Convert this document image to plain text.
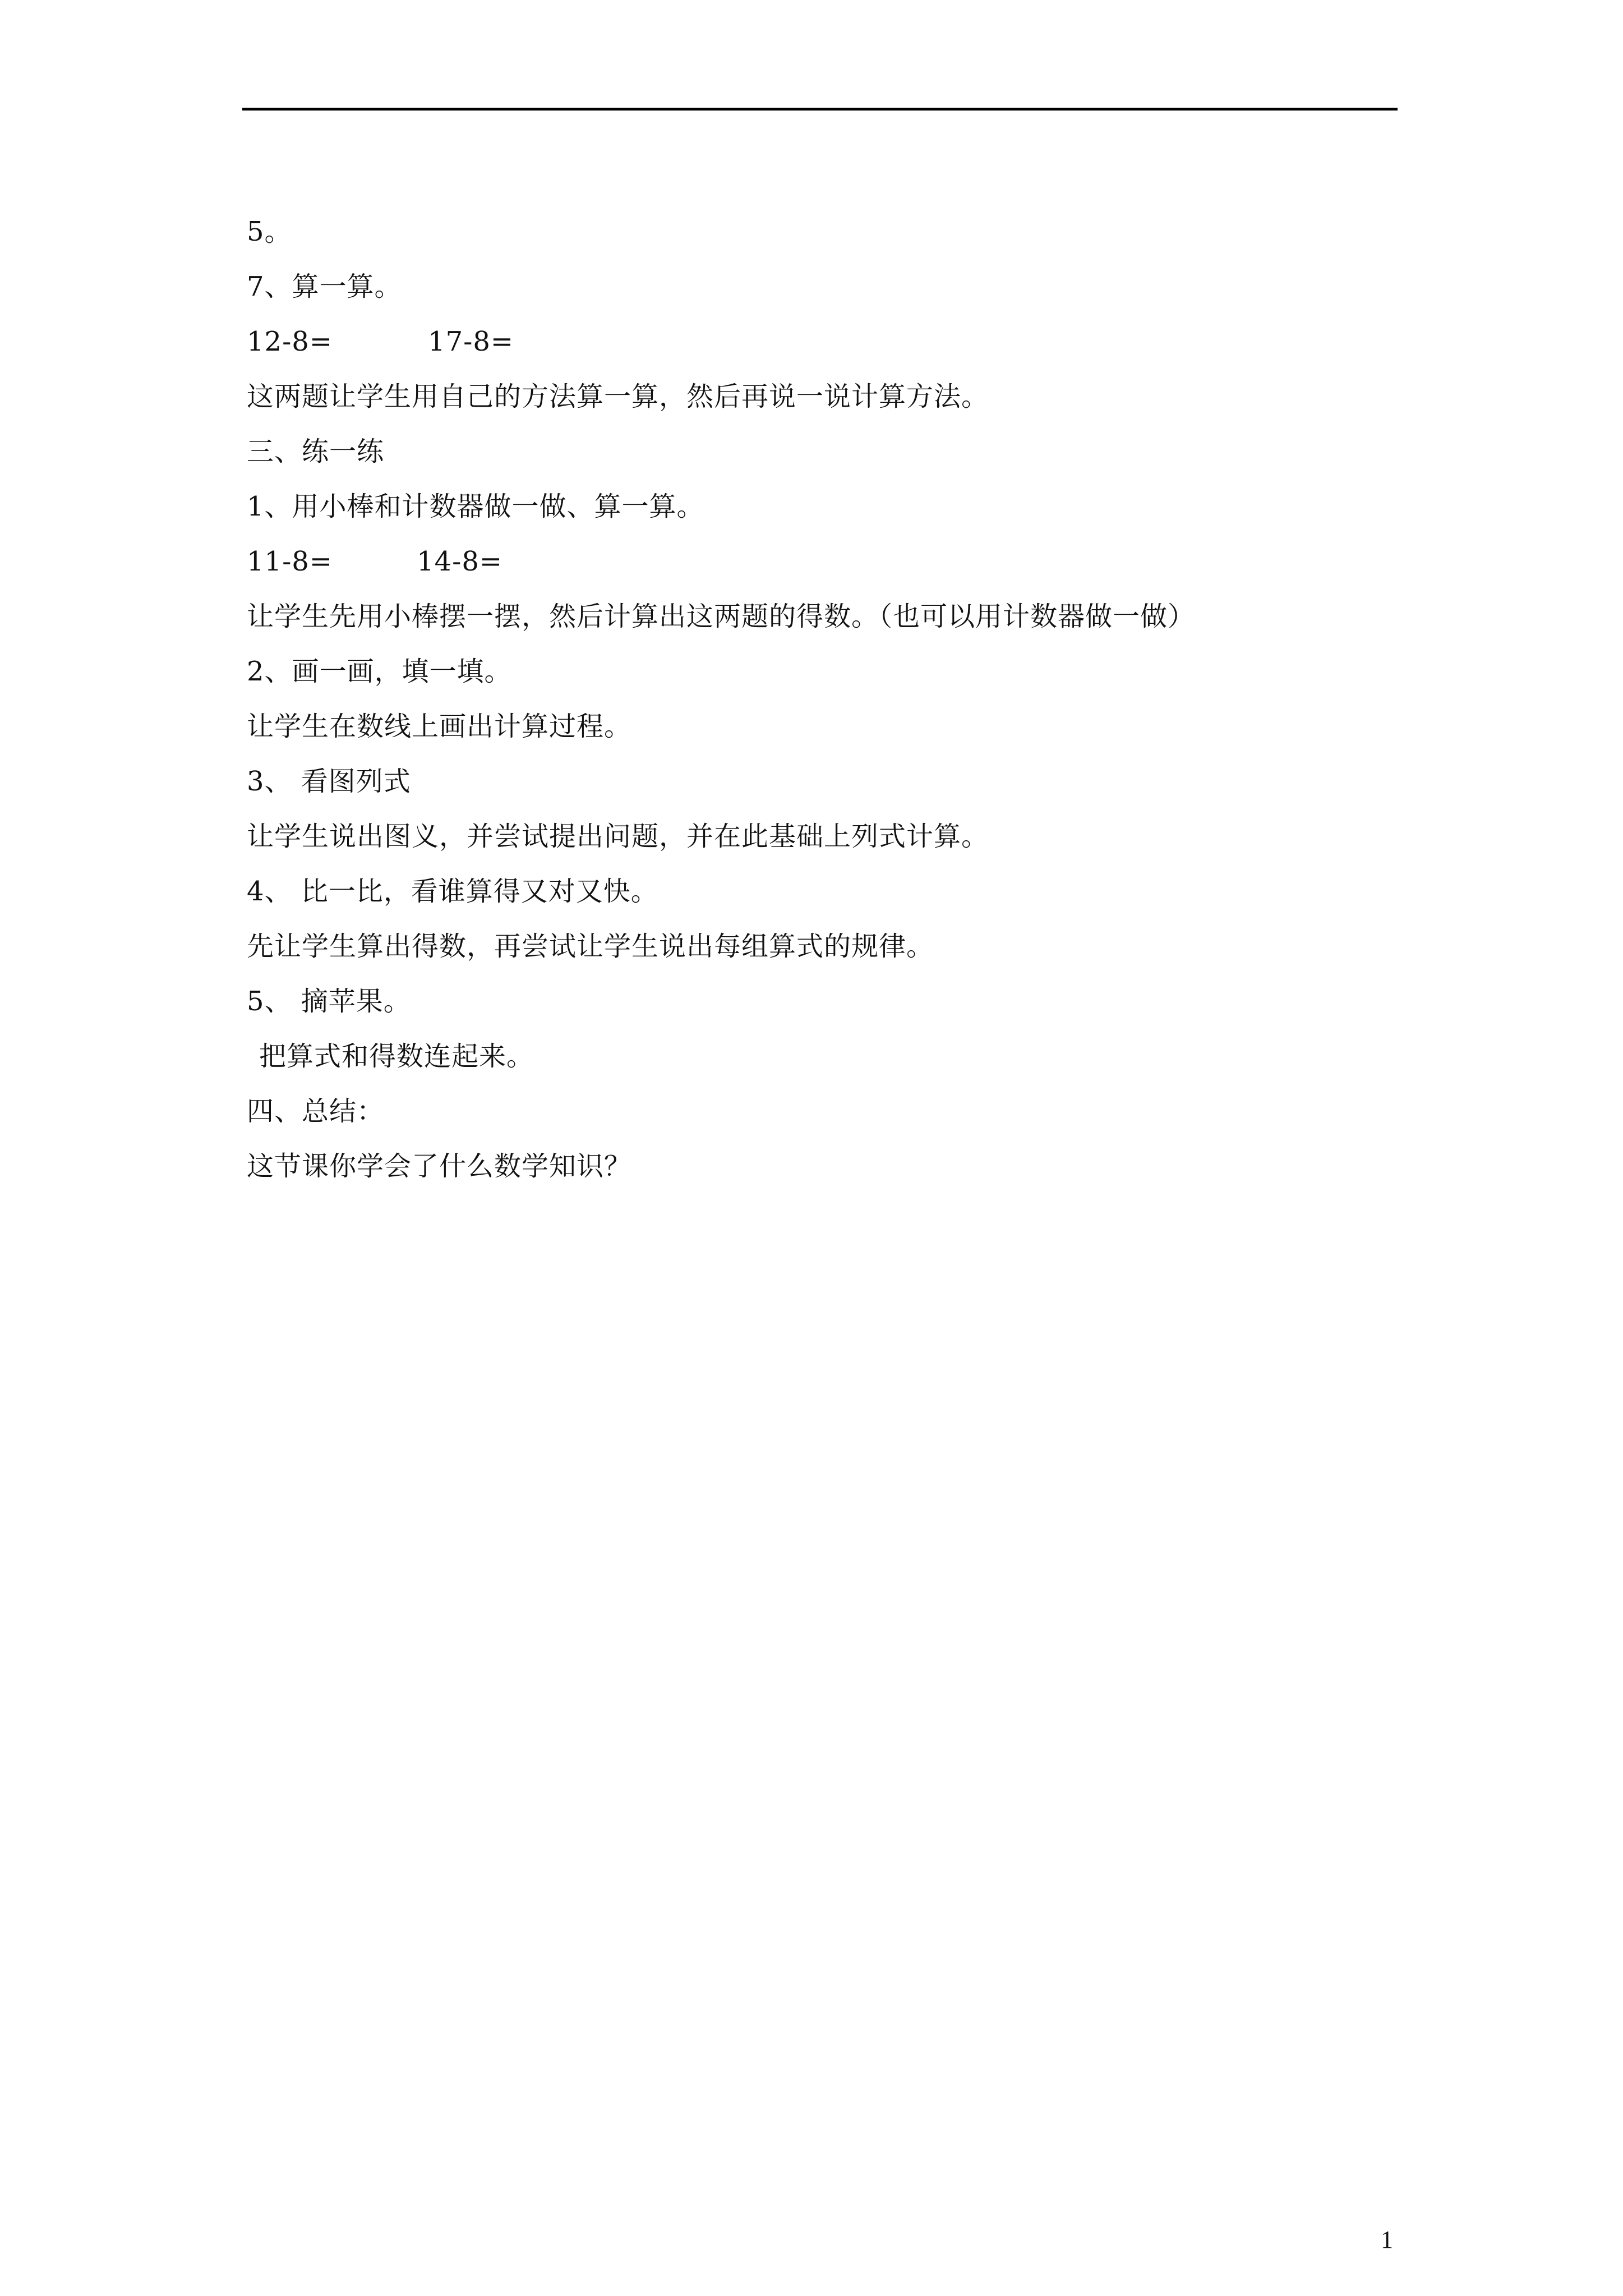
5。
7、算一算。
12-8=	17-8=
这两题让学生用自己的方法算一算，然后再说一说计算方法。
三、练一练
1、用小棒和计数器做一做、算一算。
11-8=	14-8=
让学生先用小棒摆一摆，然后计算出这两题的得数。（也可以用计数器做一做）
2、画一画，填一填。
让学生在数线上画出计算过程。
3、 看图列式
让学生说出图义，并尝试提出问题，并在此基础上列式计算。
4、 比一比，看谁算得又对又快。
先让学生算出得数，再尝试让学生说出每组算式的规律。
5、 摘苹果。
把算式和得数连起来。
四、总结：
这节课你学会了什么数学知识？
1
